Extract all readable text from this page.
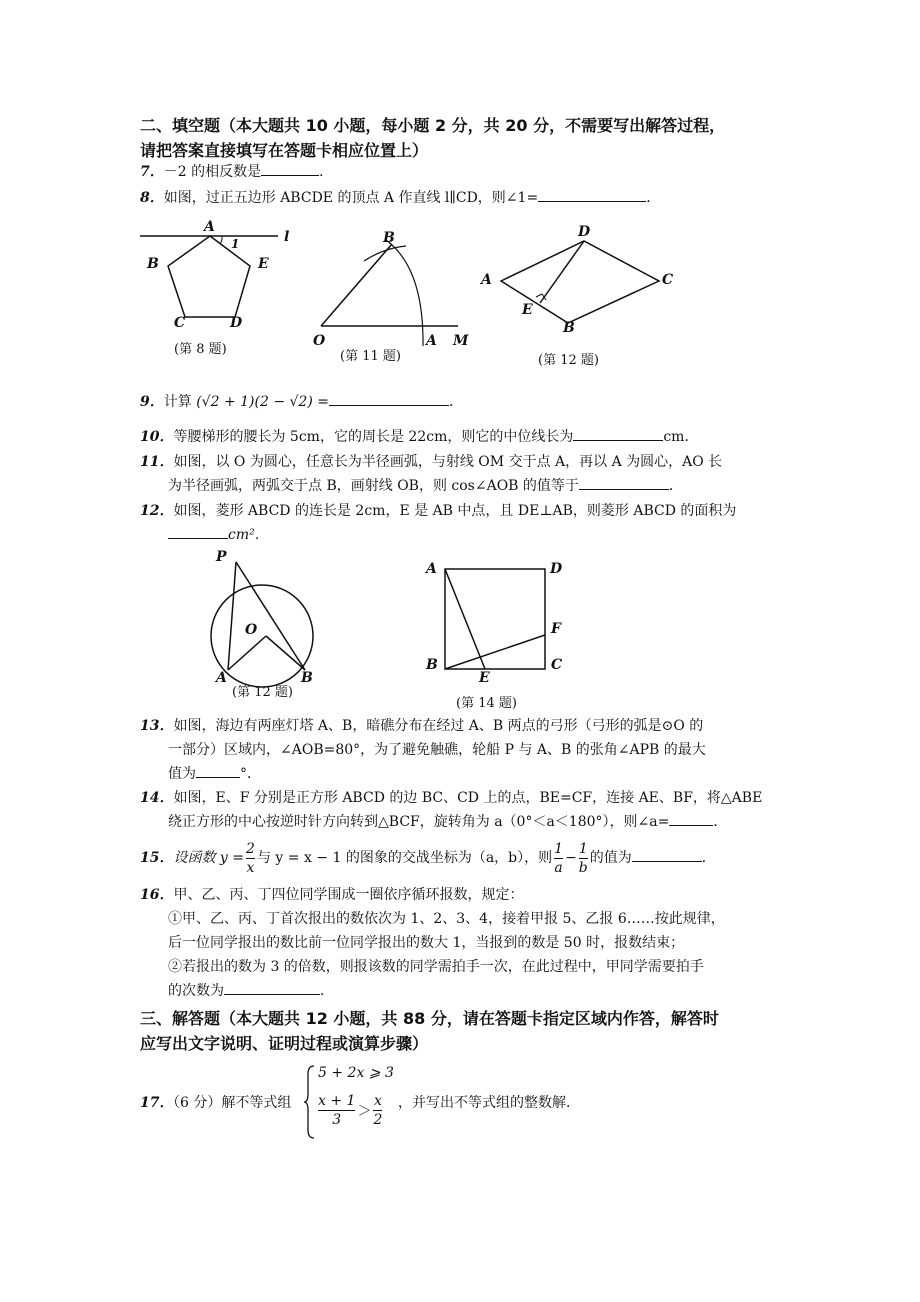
二、填空题（本大题共 10 小题，每小题 2 分，共 20 分，不需要写出解答过程，
请把答案直接填写在答题卡相应位置上）
7．－2 的相反数是	．
8．如图，过正五边形 ABCDE 的顶点 A 作直线 l∥CD，则∠1=	．
A
1	l
B	E
C	D
(第 8 题)
B
O	A M
(第 11 题)
D
A	C
E
B
(第 12 题)
9．计算 (√2 + 1)(2 − √2) =	．
10．等腰梯形的腰长为 5cm，它的周长是 22cm，则它的中位线长为	cm．
11．如图，以 O 为圆心，任意长为半径画弧，与射线 OM 交于点 A，再以 A 为圆心，AO 长
为半径画弧，两弧交于点 B，画射线 OB，则 cos∠AOB 的值等于	．
12．如图，菱形 ABCD 的连长是 2cm，E 是 AB 中点，且 DE⊥AB，则菱形 ABCD 的面积为
cm²．
P
O
A	B
(第 12 题)
A	D
F
B	C
E
(第 14 题)
13．如图，海边有两座灯塔 A、B，暗礁分布在经过 A、B 两点的弓形（弓形的弧是⊙O 的
一部分）区域内，∠AOB=80°，为了避免触礁，轮船 P 与 A、B 的张角∠APB 的最大
值为	°．
14．如图，E、F 分别是正方形 ABCD 的边 BC、CD 上的点，BE=CF，连接 AE、BF，将△ABE
绕正方形的中心按逆时针方向转到△BCF，旋转角为 a（0°＜a＜180°），则∠a=	．
15．设函数 $y = \frac{2}{x}$ 与 y = x − 1 的图象的交战坐标为（a，b），则 $\frac{1}{a} - \frac{1}{b}$ 的值为	．
16．甲、乙、丙、丁四位同学围成一圈依序循环报数，规定：
①甲、乙、丙、丁首次报出的数依次为 1、2、3、4，接着甲报 5、乙报 6……按此规律，
后一位同学报出的数比前一位同学报出的数大 1，当报到的数是 50 时，报数结束；
②若报出的数为 3 的倍数，则报该数的同学需拍手一次，在此过程中，甲同学需要拍手
的次数为	．
三、解答题（本大题共 12 小题，共 88 分，请在答题卡指定区域内作答，解答时
应写出文字说明、证明过程或演算步骤）
17．
（6 分）解不等式组
5 + 2x ⩾ 3
$\frac{x + 1}{3} > \frac{x}{2}$ ，并写出不等式组的整数解．
